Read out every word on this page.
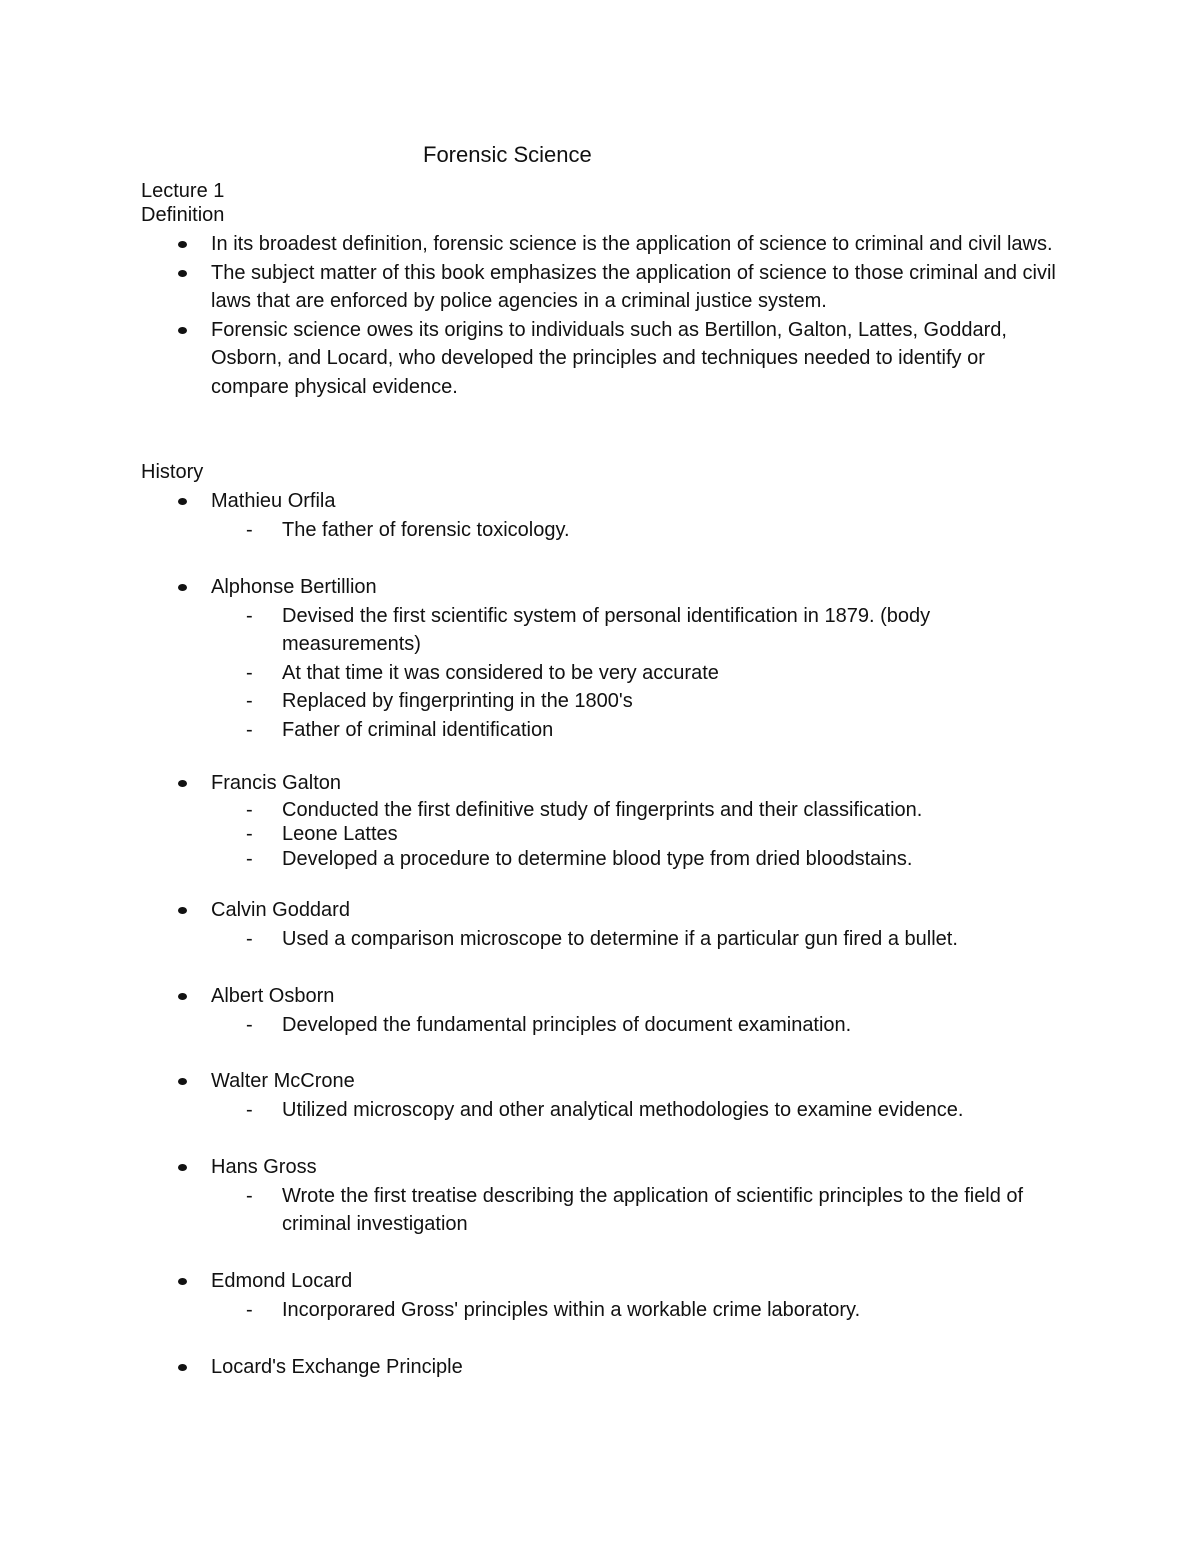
Forensic Science
Lecture 1
Definition
In its broadest definition, forensic science is the application of science to criminal and civil laws.
The subject matter of this book emphasizes the application of science to those criminal and civil laws that are enforced by police agencies in a criminal justice system.
Forensic science owes its origins to individuals such as Bertillon, Galton, Lattes, Goddard, Osborn, and Locard, who developed the principles and techniques needed to identify or compare physical evidence.
History
Mathieu Orfila
- The father of forensic toxicology.
Alphonse Bertillion
- Devised the first scientific system of personal identification in 1879. (body measurements)
- At that time it was considered to be very accurate
- Replaced by fingerprinting in the 1800's
- Father of criminal identification
Francis Galton
- Conducted the first definitive study of fingerprints and their classification.
- Leone Lattes
- Developed a procedure to determine blood type from dried bloodstains.
Calvin Goddard
- Used a comparison microscope to determine if a particular gun fired a bullet.
Albert Osborn
- Developed the fundamental principles of document examination.
Walter McCrone
- Utilized microscopy and other analytical methodologies to examine evidence.
Hans Gross
- Wrote the first treatise describing the application of scientific principles to the field of criminal investigation
Edmond Locard
- Incorporared Gross' principles within a workable crime laboratory.
Locard's Exchange Principle
